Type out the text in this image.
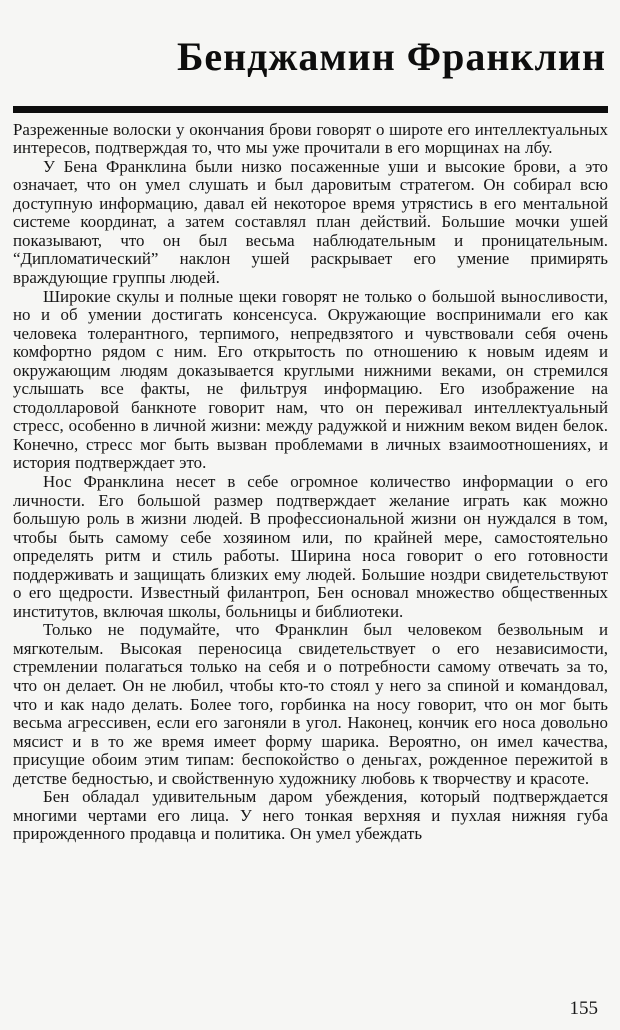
Бенджамин Франклин

Разреженные волоски у окончания брови говорят о широте его интеллектуальных интересов, подтверждая то, что мы уже прочитали в его морщинах на лбу.

У Бена Франклина были низко посаженные уши и высокие брови, а это означает, что он умел слушать и был даровитым стратегом. Он собирал всю доступную информацию, давал ей некоторое время утрястись в его ментальной системе координат, а затем составлял план действий. Большие мочки ушей показывают, что он был весьма наблюдательным и проницательным. “Дипломатический” наклон ушей раскрывает его умение примирять враждующие группы людей.

Широкие скулы и полные щеки говорят не только о большой выносливости, но и об умении достигать консенсуса. Окружающие воспринимали его как человека толерантного, терпимого, непредвзятого и чувствовали себя очень комфортно рядом с ним. Его открытость по отношению к новым идеям и окружающим людям доказывается круглыми нижними веками, он стремился услышать все факты, не фильтруя информацию. Его изображение на стодолларовой банкноте говорит нам, что он переживал интеллектуальный стресс, особенно в личной жизни: между радужкой и нижним веком виден белок. Конечно, стресс мог быть вызван проблемами в личных взаимоотношениях, и история подтверждает это.

Нос Франклина несет в себе огромное количество информации о его личности. Его большой размер подтверждает желание играть как можно большую роль в жизни людей. В профессиональной жизни он нуждался в том, чтобы быть самому себе хозяином или, по крайней мере, самостоятельно определять ритм и стиль работы. Ширина носа говорит о его готовности поддерживать и защищать близких ему людей. Большие ноздри свидетельствуют о его щедрости. Известный филантроп, Бен основал множество общественных институтов, включая школы, больницы и библиотеки.

Только не подумайте, что Франклин был человеком безвольным и мягкотелым. Высокая переносица свидетельствует о его независимости, стремлении полагаться только на себя и о потребности самому отвечать за то, что он делает. Он не любил, чтобы кто-то стоял у него за спиной и командовал, что и как надо делать. Более того, горбинка на носу говорит, что он мог быть весьма агрессивен, если его загоняли в угол. Наконец, кончик его носа довольно мясист и в то же время имеет форму шарика. Вероятно, он имел качества, присущие обоим этим типам: беспокойство о деньгах, рожденное пережитой в детстве бедностью, и свойственную художнику любовь к творчеству и красоте.

Бен обладал удивительным даром убеждения, который подтверждается многими чертами его лица. У него тонкая верхняя и пухлая нижняя губа прирожденного продавца и политика. Он умел убеждать

155
